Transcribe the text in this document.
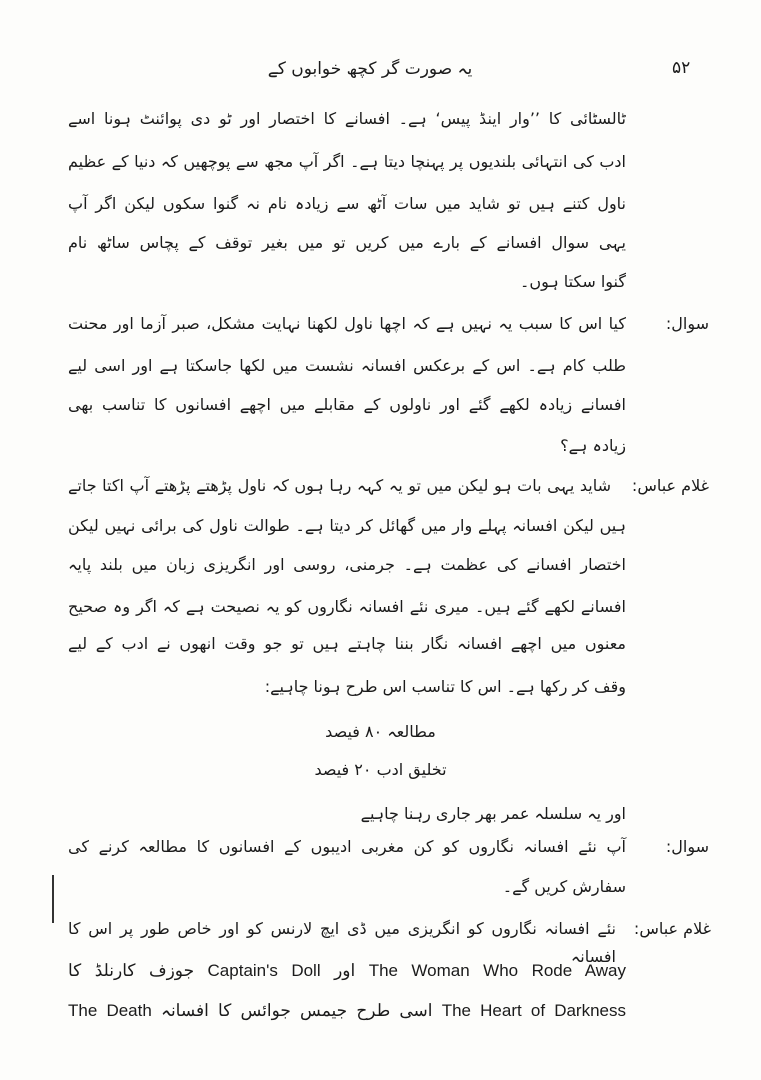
۵۲
یہ صورت گر کچھ خوابوں کے
ٹالسٹائی کا ’’وار اینڈ پیس‘ ہے۔ افسانے کا اختصار اور ٹو دی پوائنٹ ہونا اسے
ادب کی انتہائی بلندیوں پر پہنچا دیتا ہے۔ اگر آپ مجھ سے پوچھیں کہ دنیا کے عظیم
ناول کتنے ہیں تو شاید میں سات آٹھ سے زیادہ نام نہ گنوا سکوں لیکن اگر آپ
یہی سوال افسانے کے بارے میں کریں تو میں بغیر توقف کے پچاس ساٹھ نام
گنوا سکتا ہوں۔
سوال:
کیا اس کا سبب یہ نہیں ہے کہ اچھا ناول لکھنا نہایت مشکل، صبر آزما اور محنت
طلب کام ہے۔ اس کے برعکس افسانہ نشست میں لکھا جاسکتا ہے اور اسی لیے
افسانے زیادہ لکھے گئے اور ناولوں کے مقابلے میں اچھے افسانوں کا تناسب بھی
زیادہ ہے؟
غلام عباس:
شاید یہی بات ہو لیکن میں تو یہ کہہ رہا ہوں کہ ناول پڑھتے پڑھتے آپ اکتا جاتے
ہیں لیکن افسانہ پہلے وار میں گھائل کر دیتا ہے۔ طوالت ناول کی برائی نہیں لیکن
اختصار افسانے کی عظمت ہے۔ جرمنی، روسی اور انگریزی زبان میں بلند پایہ
افسانے لکھے گئے ہیں۔ میری نئے افسانہ نگاروں کو یہ نصیحت ہے کہ اگر وہ صحیح
معنوں میں اچھے افسانہ نگار بننا چاہتے ہیں تو جو وقت انھوں نے ادب کے لیے
وقف کر رکھا ہے۔ اس کا تناسب اس طرح ہونا چاہیے:
مطالعہ ۸۰ فیصد
تخلیق ادب ۲۰ فیصد
اور یہ سلسلہ عمر بھر جاری رہنا چاہیے
سوال:
آپ نئے افسانہ نگاروں کو کن مغربی ادیبوں کے افسانوں کا مطالعہ کرنے کی
سفارش کریں گے۔
غلام عباس:
نئے افسانہ نگاروں کو انگریزی میں ڈی ایچ لارنس کو اور خاص طور پر اس کا افسانہ
The Woman Who Rode Away اور Captain's Doll جوزف کارنلڈ کا
The Heart of Darkness اسی طرح جیمس جوائس کا افسانہ The Death
